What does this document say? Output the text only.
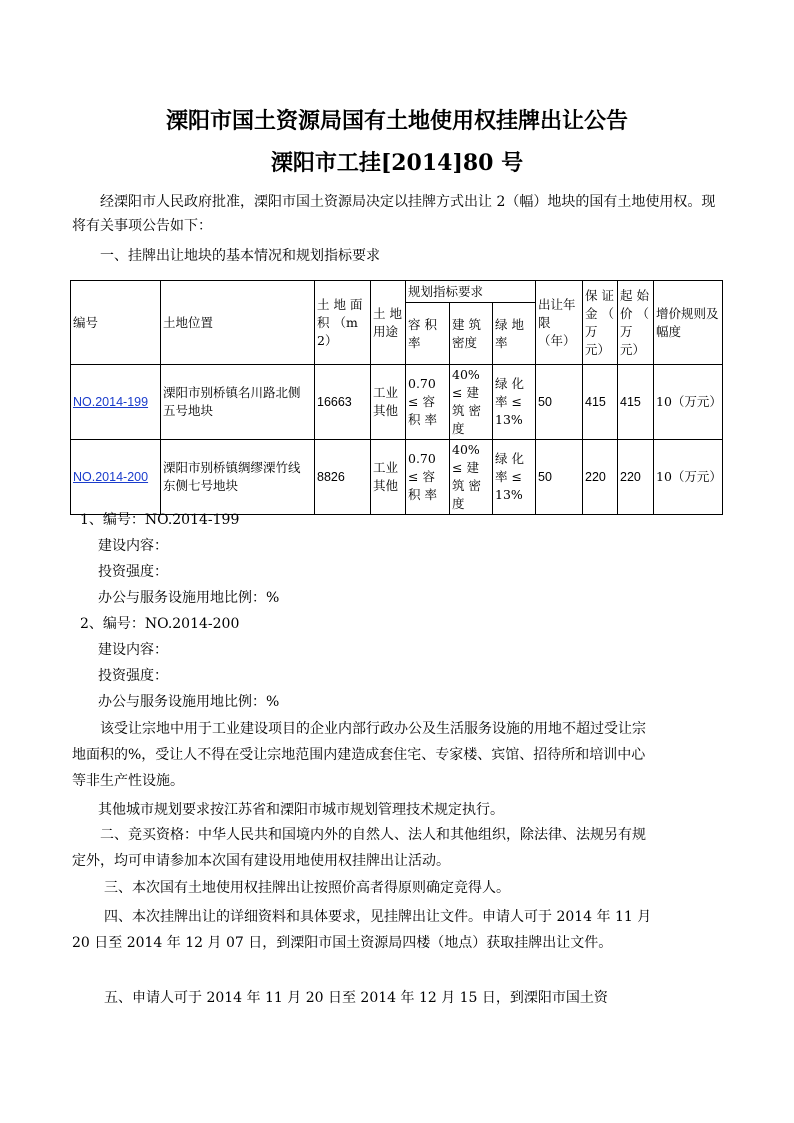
溧阳市国土资源局国有土地使用权挂牌出让公告
溧阳市工挂[2014]80 号
经溧阳市人民政府批准，溧阳市国土资源局决定以挂牌方式出让 2（幅）地块的国有土地使用权。现将有关事项公告如下：
一、挂牌出让地块的基本情况和规划指标要求
编号	土地位置	土 地 面 积 （m2）	土 地 用途	规划指标要求			出让年限 （年）	保 证 金 （ 万 元）	起 始 价 （ 万 元）	增价规则及幅度
				容 积 率	建 筑 密度	绿 地 率				
NO.2014-199	溧阳市别桥镇名川路北侧五号地块	16663	工业其他	0.70 ≤ 容 积 率	40% ≤ 建 筑 密度	绿 化 率 ≤ 13%	50	415	415	10（万元）
NO.2014-200	溧阳市别桥镇绸缪溧竹线东侧七号地块	8826	工业其他	0.70 ≤ 容 积 率	40% ≤ 建 筑 密度	绿 化 率 ≤ 13%	50	220	220	10（万元）
1、编号：NO.2014-199
建设内容：
投资强度：
办公与服务设施用地比例：%
2、编号：NO.2014-200
建设内容：
投资强度：
办公与服务设施用地比例：%
该受让宗地中用于工业建设项目的企业内部行政办公及生活服务设施的用地不超过受让宗地面积的%，受让人不得在受让宗地范围内建造成套住宅、专家楼、宾馆、招待所和培训中心等非生产性设施。
其他城市规划要求按江苏省和溧阳市城市规划管理技术规定执行。
二、竞买资格：中华人民共和国境内外的自然人、法人和其他组织，除法律、法规另有规定外，均可申请参加本次国有建设用地使用权挂牌出让活动。
三、本次国有土地使用权挂牌出让按照价高者得原则确定竞得人。
四、本次挂牌出让的详细资料和具体要求，见挂牌出让文件。申请人可于 2014 年 11 月 20 日至 2014 年 12 月 07 日，到溧阳市国土资源局四楼（地点）获取挂牌出让文件。
五、申请人可于 2014 年 11 月 20 日至 2014 年 12 月 15 日，到溧阳市国土资
